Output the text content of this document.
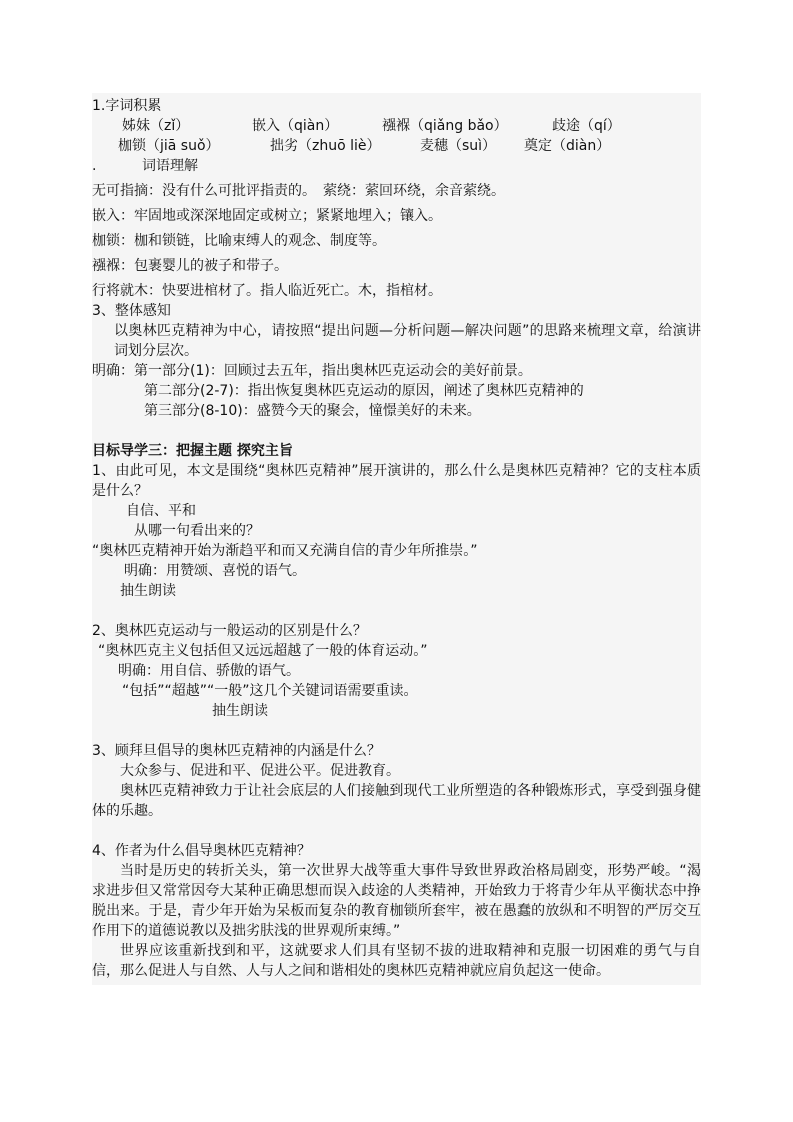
1.字词积累

姊妹（zǐ）	嵌入（qiàn）	襁褓（qiǎng bǎo）	歧途（qí）

枷锁（jiā suǒ）	拙劣（zhuō liè）	麦穗（suì） 奠定（diàn）

.	词语理解

无可指摘：没有什么可批评指责的。　萦绕：萦回环绕，余音萦绕。

嵌入：牢固地或深深地固定或树立；紧紧地埋入；镶入。

枷锁：枷和锁链，比喻束缚人的观念、制度等。

襁褓：包裹婴儿的被子和带子。

行将就木：快要进棺材了。指人临近死亡。木，指棺材。

3、整体感知

以奥林匹克精神为中心，请按照“提出问题—分析问题—解决问题”的思路来梳理文章，给演讲词划分层次。

明确：第一部分(1)：回顾过去五年，指出奥林匹克运动会的美好前景。

第二部分(2-7)：指出恢复奥林匹克运动的原因，阐述了奥林匹克精神的

第三部分(8-10)：盛赞今天的聚会，憧憬美好的未来。

目标导学三：把握主题 探究主旨

1、由此可见，本文是围绕“奥林匹克精神”展开演讲的，那么什么是奥林匹克精神？它的支柱本质是什么？

自信、平和

从哪一句看出来的？

“奥林匹克精神开始为渐趋平和而又充满自信的青少年所推崇。”

明确：用赞颂、喜悦的语气。

抽生朗读

2、奥林匹克运动与一般运动的区别是什么？

“奥林匹克主义包括但又远远超越了一般的体育运动。”

明确：用自信、骄傲的语气。

“包括”“超越”“一般”这几个关键词语需要重读。

抽生朗读

3、顾拜旦倡导的奥林匹克精神的内涵是什么？

大众参与、促进和平、促进公平。促进教育。

奥林匹克精神致力于让社会底层的人们接触到现代工业所塑造的各种锻炼形式，享受到强身健体的乐趣。

4、作者为什么倡导奥林匹克精神？

当时是历史的转折关头，第一次世界大战等重大事件导致世界政治格局剧变，形势严峻。“渴求进步但又常常因夸大某种正确思想而误入歧途的人类精神，开始致力于将青少年从平衡状态中挣脱出来。于是，青少年开始为呆板而复杂的教育枷锁所套牢，被在愚蠢的放纵和不明智的严厉交互作用下的道德说教以及拙劣肤浅的世界观所束缚。”

世界应该重新找到和平，这就要求人们具有坚韧不拔的进取精神和克服一切困难的勇气与自信，那么促进人与自然、人与人之间和谐相处的奥林匹克精神就应肩负起这一使命。
